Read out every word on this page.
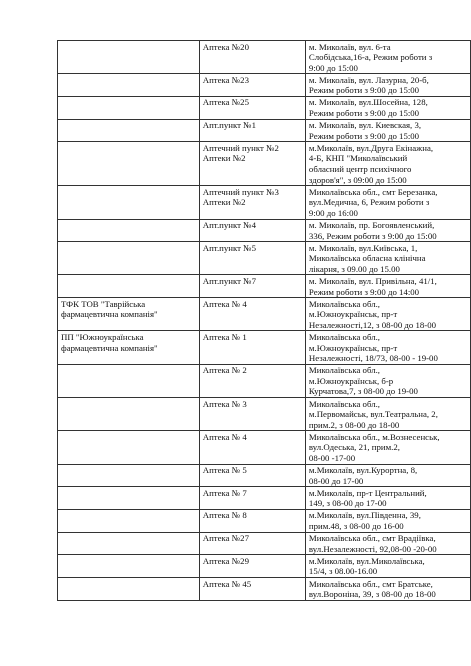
	Аптека №20	м. Миколаїв, вул. 6-та
Слобідська,16-а, Режим роботи з
9:00 до 15:00

	Аптека №23	м. Миколаїв, вул. Лазурна, 20-б,
Режим роботи з 9:00 до 15:00

	Аптека №25	м. Миколаїв, вул.Шосейна, 128,
Режим роботи з 9:00 до 15:00

	Апт.пункт №1	м. Миколаїв, вул. Киевская, 3,
Режим роботи з 9:00 до 15:00

	Аптечний пункт №2
Аптеки №2	м.Миколаїв, вул.Друга Екінажна,
4-Б, КНП "Миколаївський
обласний центр психічного
здоров'я", з 09:00 до 15:00

	Аптечний пункт №3
Аптеки №2	Миколаївська обл., смт Березанка,
вул.Медична, 6, Режим роботи з
9:00 до 16:00

	Апт.пункт №4	м. Миколаїв, пр. Богоявленський,
336, Режим роботи з 9:00 до 15:00

	Апт.пункт №5	м. Миколаїв, вул.Київська, 1,
Миколаївська обласна клінічна
лікарня, з 09.00 до 15.00

	Апт.пункт №7	м. Миколаїв, вул. Привільна, 41/1,
Режим роботи з 9:00 до 14:00

ТФК ТОВ "Таврійська
фармацевтична компанія"	Аптека № 4	Миколаївська обл.,
м.Южноукраїнськ, пр-т
Незалежності,12, з 08-00 до 18-00

ПП "Южноукраїнська
фармацевтична компанія"	Аптека № 1	Миколаївська обл.,
м.Южноукраїнськ, пр-т
Незалежності, 18/73, 08-00 - 19-00

	Аптека № 2	Миколаївська обл.,
м.Южноукраїнськ, б-р
Курчатова,7, з 08-00 до 19-00

	Аптека № 3	Миколаївська обл.,
м.Первомайськ, вул.Театральна, 2,
прим.2, з 08-00 до 18-00

	Аптека № 4	Миколаївська обл., м.Вознесенськ,
вул.Одеська, 21, прим.2,
08-00 -17-00

	Аптека № 5	м.Миколаїв, вул.Курортна, 8,
08-00 до 17-00

	Аптека № 7	м.Миколаїв, пр-т Центральний,
149, з 08-00 до 17-00

	Аптека № 8	м.Миколаїв, вул.Південна, 39,
прим.48, з 08-00 до 16-00

	Аптека №27	Миколаївська обл., смт Врадіївка,
вул.Незалежності, 92,08-00 -20-00

	Аптека №29	м.Миколаїв, вул.Миколаївська,
15/4, з 08.00-16.00

	Аптека № 45	Миколаївська обл., смт Братське,
вул.Вороніна, 39, з 08-00 до 18-00
